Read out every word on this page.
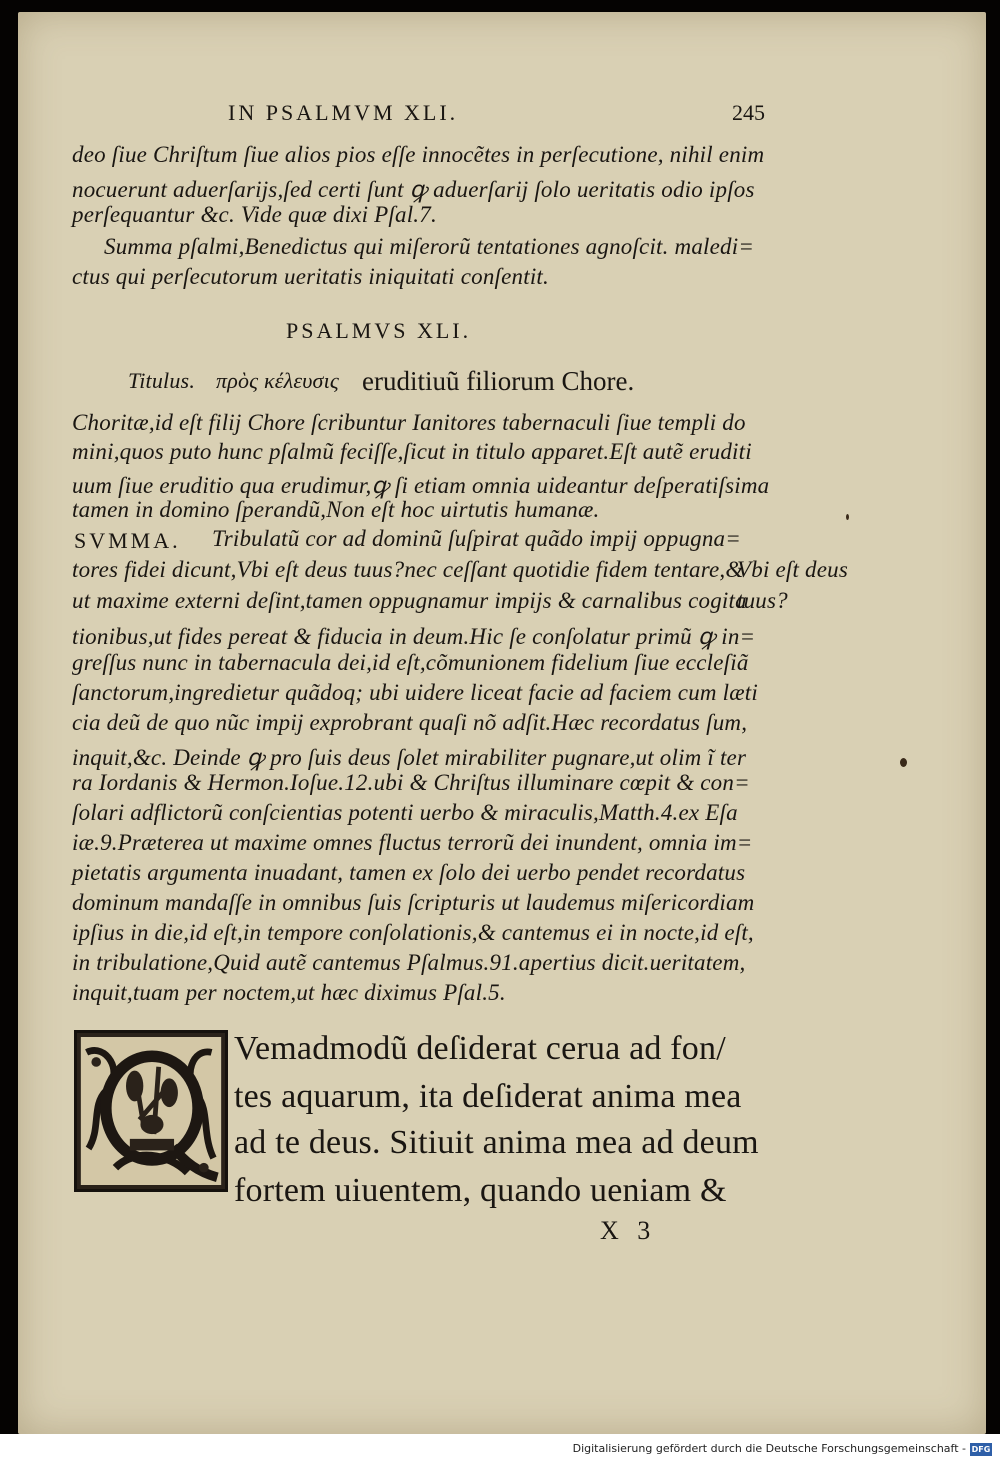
IN PSALMVM XLI.	245
deo ſiue Chriſtum ſiue alios pios eſſe innocẽtes in perſecutione, nihil enim
nocuerunt aduerſarijs,ſed certi ſunt ꝙ aduerſarij ſolo ueritatis odio ipſos
perſequantur &c. Vide quæ dixi Pſal.7.
Summa pſalmi,Benedictus qui miſerorũ tentationes agnoſcit. maledi=
ctus qui perſecutorum ueritatis iniquitati conſentit.
PSALMVS XLI.
Titulus. πρὸς κέλευσις eruditiuũ filiorum Chore.
Choritæ,id eſt filij Chore ſcribuntur Ianitores tabernaculi ſiue templi do
mini,quos puto hunc pſalmũ feciſſe,ſicut in titulo apparet.Eſt autẽ eruditi
uum ſiue eruditio qua erudimur,ꝙ ſi etiam omnia uideantur deſperatiſsima
tamen in domino ſperandũ,Non eſt hoc uirtutis humanæ.
SVMMA. Tribulatũ cor ad dominũ ſuſpirat quãdo impij oppugna=
tores fidei dicunt,Vbi eſt deus tuus?nec ceſſant quotidie fidem tentare,&
ut maxime externi deſint,tamen oppugnamur impijs & carnalibus cogita
tionibus,ut fides pereat & fiducia in deum.Hic ſe conſolatur primũ ꝙ in=
greſſus nunc in tabernacula dei,id eſt,cõmunionem fidelium ſiue eccleſiã
ſanctorum,ingredietur quãdoq; ubi uidere liceat facie ad faciem cum læti
cia deũ de quo nũc impij exprobrant quaſi nõ adſit.Hæc recordatus ſum,
inquit,&c. Deinde ꝙ pro ſuis deus ſolet mirabiliter pugnare,ut olim ĩ ter
ra Iordanis & Hermon.Ioſue.12.ubi & Chriſtus illuminare cœpit & con=
ſolari adflictorũ conſcientias potenti uerbo & miraculis,Matth.4.ex Eſa
iæ.9.Præterea ut maxime omnes fluctus terrorũ dei inundent, omnia im=
pietatis argumenta inuadant, tamen ex ſolo dei uerbo pendet recordatus
dominum mandaſſe in omnibus ſuis ſcripturis ut laudemus miſericordiam
ipſius in die,id eſt,in tempore conſolationis,& cantemus ei in nocte,id eſt,
in tribulatione,Quid autẽ cantemus Pſalmus.91.apertius dicit.ueritatem,
inquit,tuam per noctem,ut hæc diximus Pſal.5.
Vbi eſt deus
tuus?
Vemadmodũ deſiderat ceruа ad fon/
tes aquarum, ita deſiderat anima mea
ad te deus. Sitiuit anima mea ad deum
fortem uiuentem, quando ueniam &
X 3
Digitalisierung gefördert durch die Deutsche Forschungsgemeinschaft - DFG
